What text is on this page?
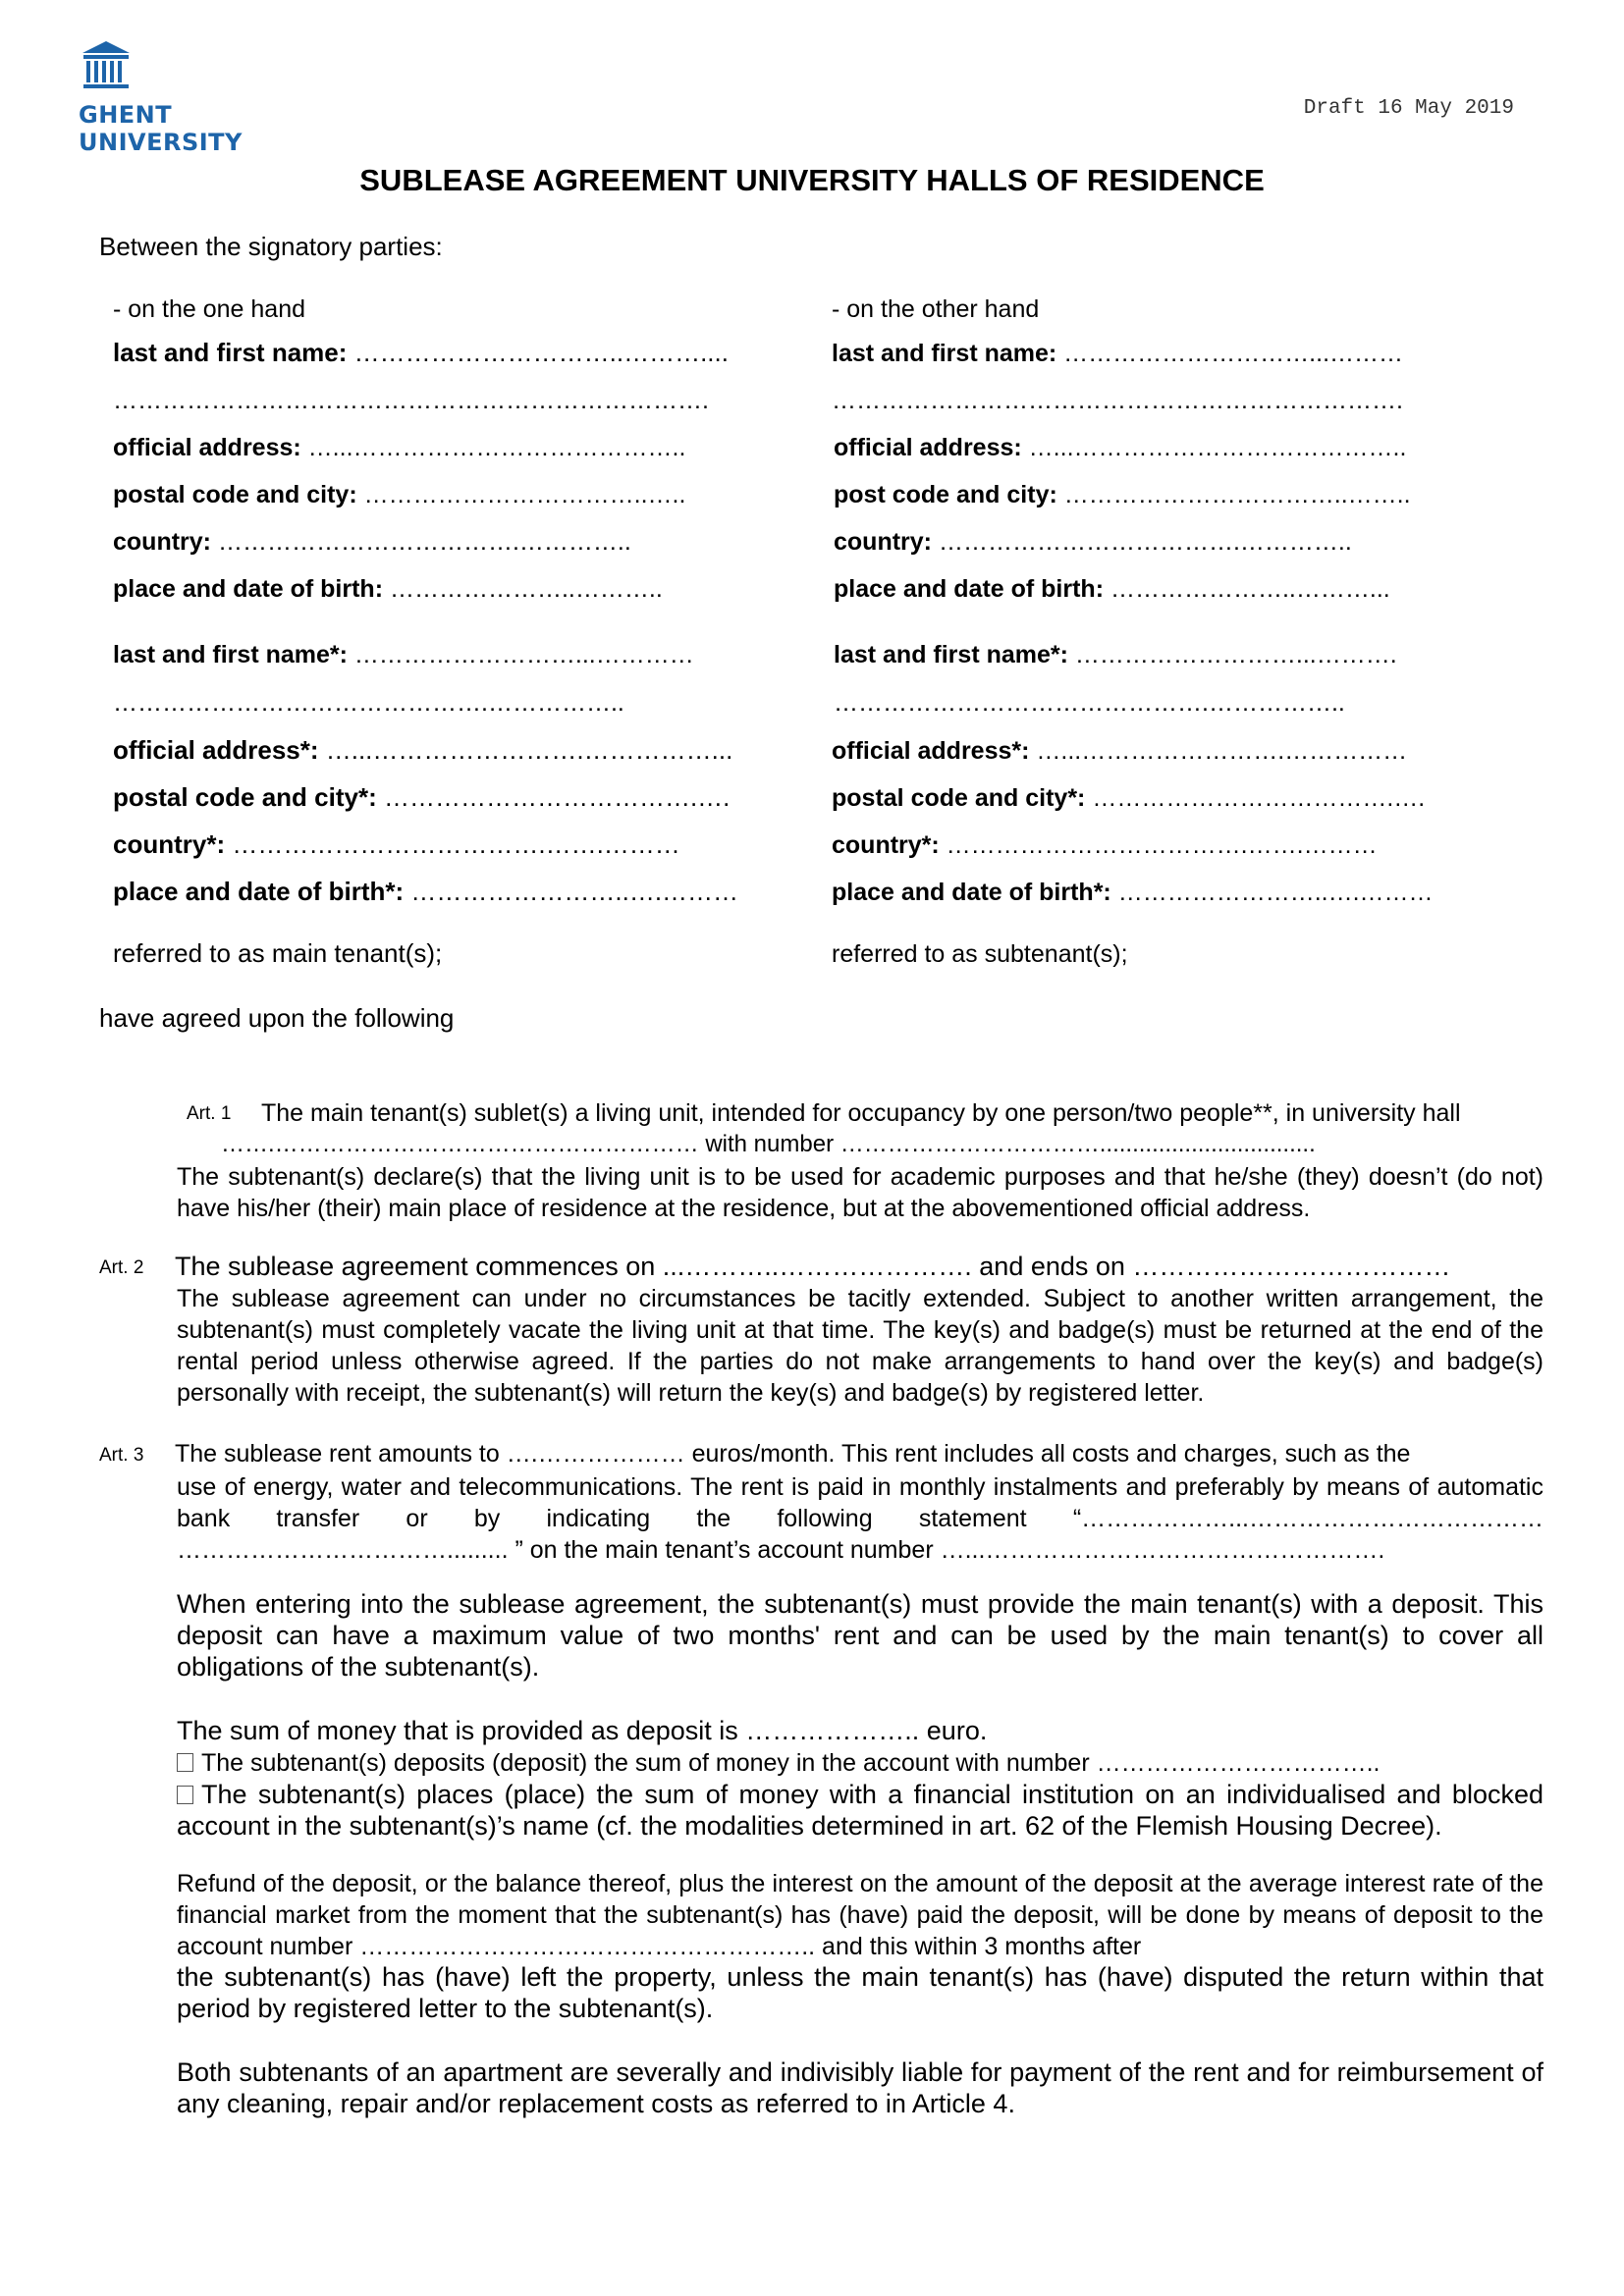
GHENT
UNIVERSITY
Draft 16 May 2019
SUBLEASE AGREEMENT UNIVERSITY HALLS OF RESIDENCE
Between the signatory parties:
- on the one hand
last and first name: …………………………..………....
……………………………………………………………….
official address: …...…………………………………..
postal code and city: ……………………………..…..
country: ……………………………….…………..
place and date of birth: …………………..………..
last and first name*: ………………………...…………
……………………………………….……………..
official address*: …...…………………….……………...
postal code and city*: ……………………………….….
country*: ……………………………….…….………
place and date of birth*: ……………………..….………
referred to as main tenant(s);
- on the other hand
last and first name: …………………………...………
…………………………………………………………….
official address: …...…………………………………..
post code and city: ……………………………..……..
country: ……………………………….…………..
place and date of birth: …………………..………...
last and first name*: ………………………...……….
……………………………………….……………..
official address*: …...…………………….……………
postal code and city*: ……………………………….….
country*: ……………………………….…….………
place and date of birth*: ……………………..….………
referred to as subtenant(s);
have agreed upon the following
Art. 1 The main tenant(s) sublet(s) a living unit, intended for occupancy by one person/two people**, in university hall
…….……………………………………………… with number …………………………….................................
The subtenant(s) declare(s) that the living unit is to be used for academic purposes and that he/she (they) doesn’t (do not) have his/her (their) main place of residence at the residence, but at the abovementioned official address.
Art. 2 The sublease agreement commences on ...………..…………………. and ends on ………………………………
The sublease agreement can under no circumstances be tacitly extended. Subject to another written arrangement, the subtenant(s) must completely vacate the living unit at that time. The key(s) and badge(s) must be returned at the end of the rental period unless otherwise agreed. If the parties do not make arrangements to hand over the key(s) and badge(s) personally with receipt, the subtenant(s) will return the key(s) and badge(s) by registered letter.
Art. 3 The sublease rent amounts to ….……………… euros/month. This rent includes all costs and charges, such as the
use of energy, water and telecommunications. The rent is paid in monthly instalments and preferably by means of automatic bank transfer or by indicating the following statement “………………...……………………………… ……………………………......... ” on the main tenant’s account number …...………………………………………….
When entering into the sublease agreement, the subtenant(s) must provide the main tenant(s) with a deposit. This deposit can have a maximum value of two months' rent and can be used by the main tenant(s) to cover all obligations of the subtenant(s).
The sum of money that is provided as deposit is ……………….. euro.
The subtenant(s) deposits (deposit) the sum of money in the account with number ……………………………..
The subtenant(s) places (place) the sum of money with a financial institution on an individualised and blocked account in the subtenant(s)’s name (cf. the modalities determined in art. 62 of the Flemish Housing Decree).
Refund of the deposit, or the balance thereof, plus the interest on the amount of the deposit at the average interest rate of the financial market from the moment that the subtenant(s) has (have) paid the deposit, will be done by means of deposit to the account number ……………………………………………….. and this within 3 months after
the subtenant(s) has (have) left the property, unless the main tenant(s) has (have) disputed the return within that period by registered letter to the subtenant(s).
Both subtenants of an apartment are severally and indivisibly liable for payment of the rent and for reimbursement of any cleaning, repair and/or replacement costs as referred to in Article 4.
